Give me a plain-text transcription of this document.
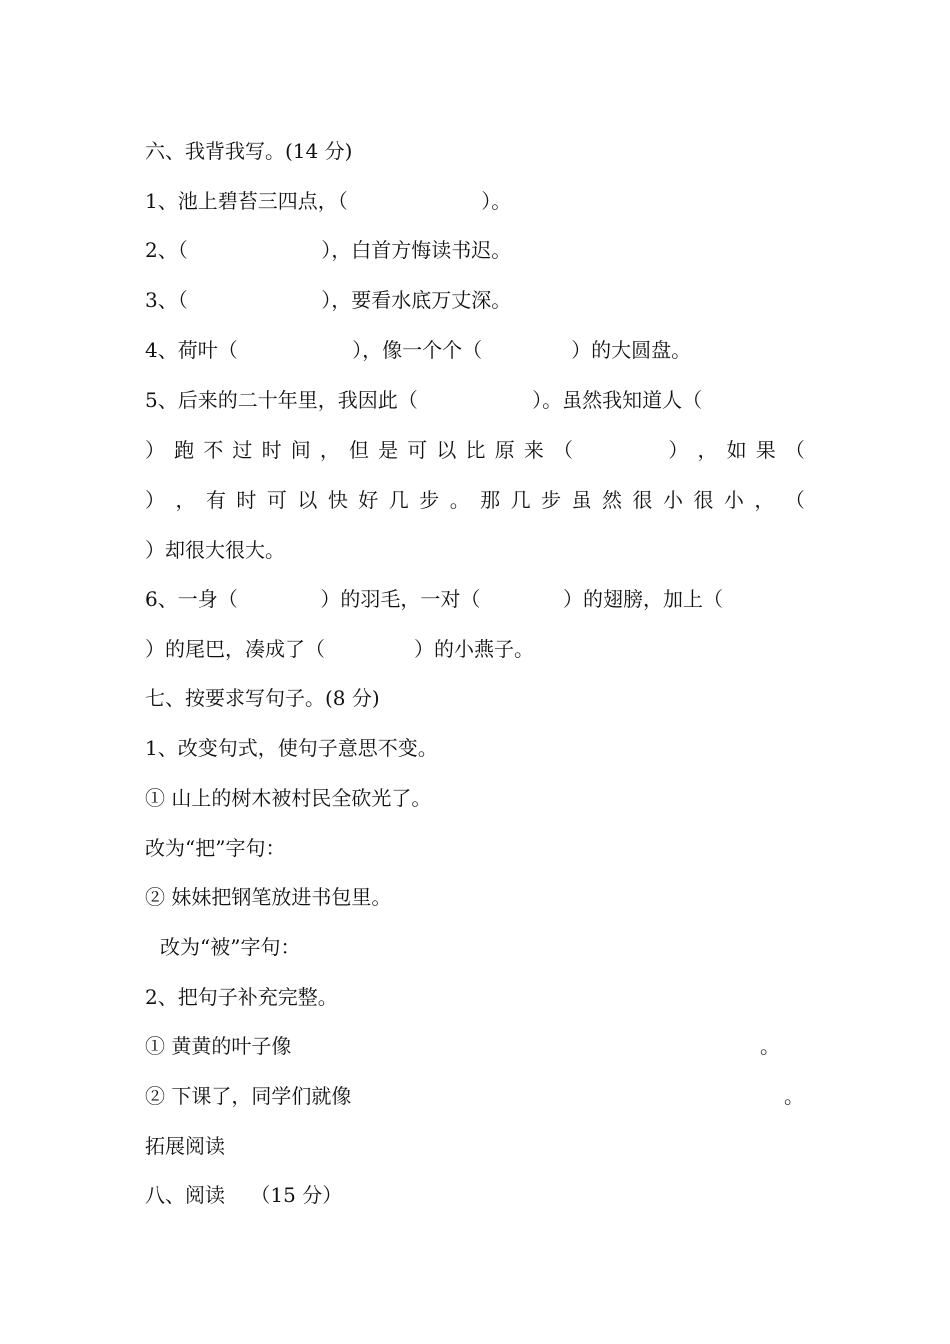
六、我背我写。(14 分)
1、池上碧苔三四点，（                     ）。
2、（                     ），白首方悔读书迟。
3、（                     ），要看水底万丈深。
4、荷叶（                  ），像一个个（              ）的大圆盘。
5、后来的二十年里，我因此（                  ）。虽然我知道人（
） 跑 不 过 时 间 ， 但 是 可 以 比 原 来 （               ） ， 如 果 （
） ， 有 时 可 以 快 好 几 步 。 那 几 步 虽 然 很 小 很 小 ， （
）却很大很大。
6、一身（             ）的羽毛，一对（             ）的翅膀，加上（
）的尾巴，凑成了（              ）的小燕子。
七、按要求写句子。(8 分)
1、改变句式，使句子意思不变。
① 山上的树木被村民全砍光了。
改为“把”字句：
② 妹妹把钢笔放进书包里。
改为“被”字句：
2、把句子补充完整。
① 黄黄的叶子像	。
② 下课了，同学们就像	。
拓展阅读
八、阅读    （15 分）
